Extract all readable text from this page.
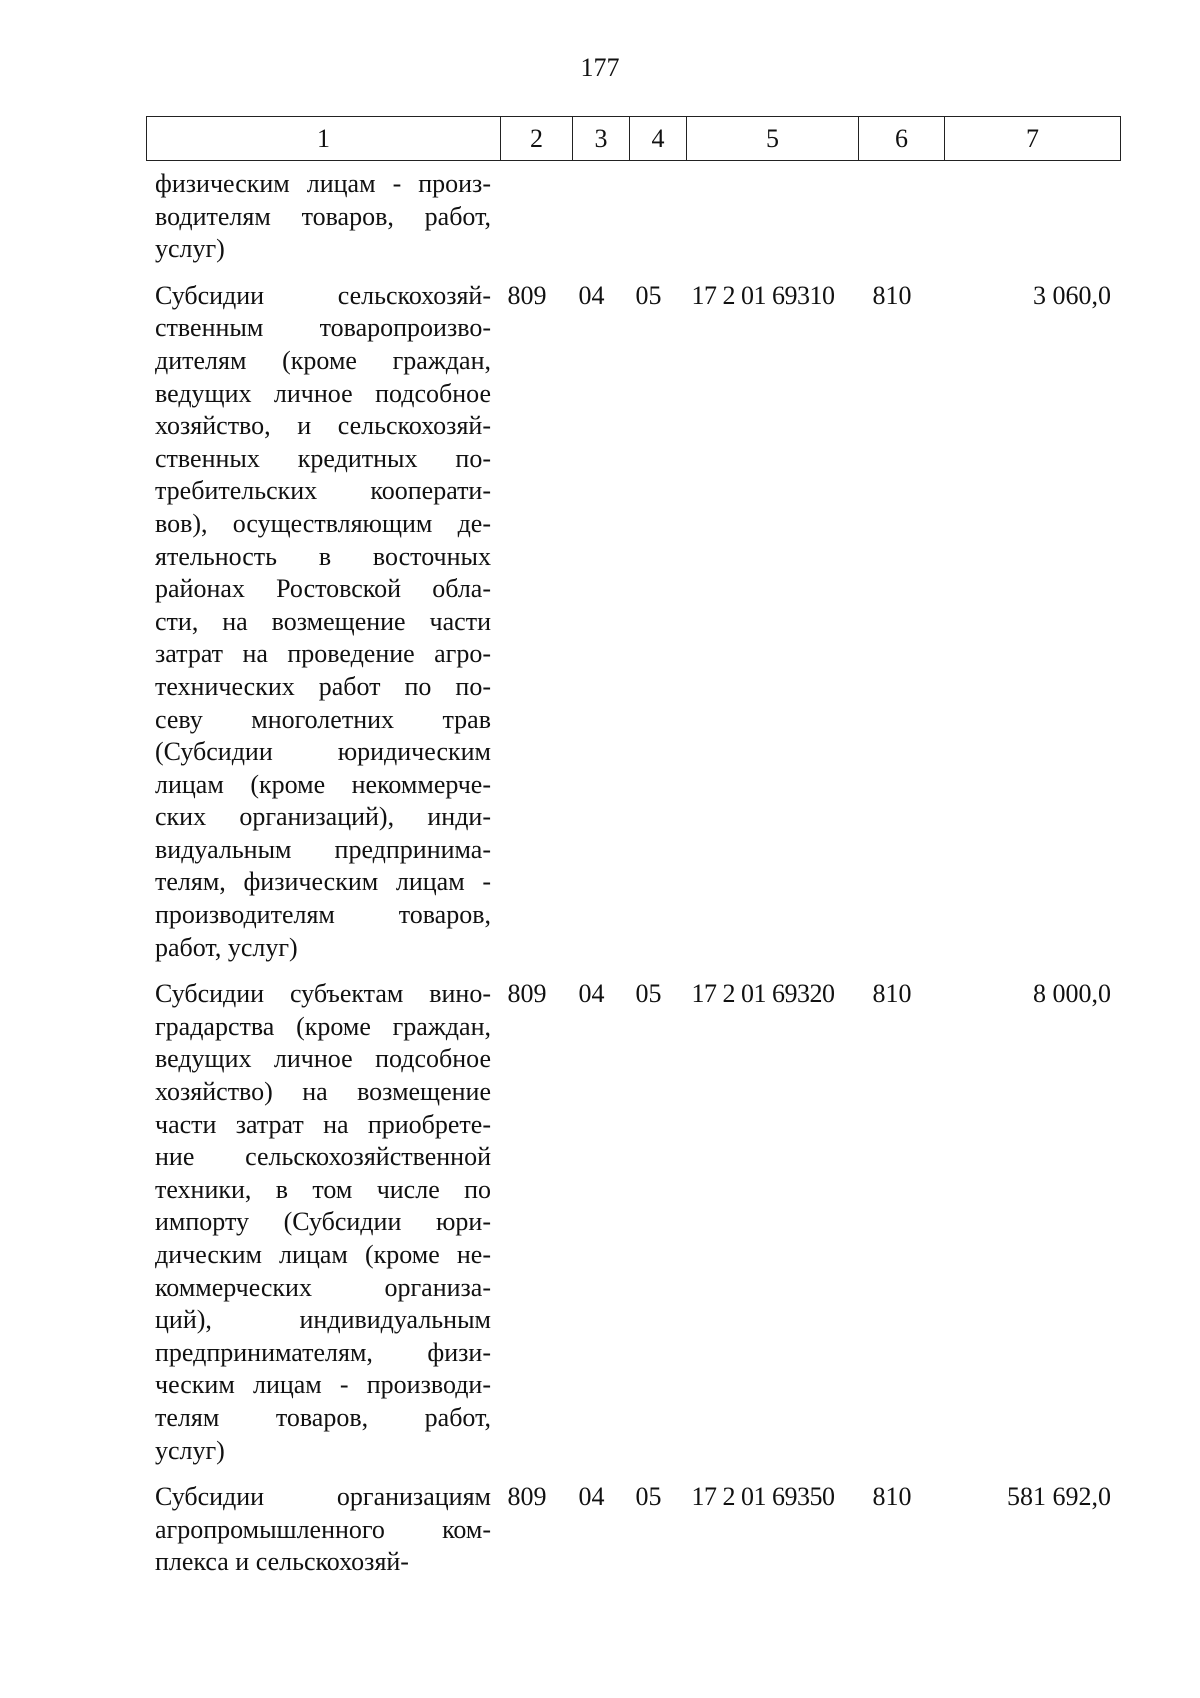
177
1	2	3	4	5	6	7
физическим лицам - произ-
водителям товаров, работ,
услуг)
Субсидии сельскохозяй-
ственным товаропроизво-
дителям (кроме граждан,
ведущих личное подсобное
хозяйство, и сельскохозяй-
ственных кредитных по-
требительских кооперати-
вов), осуществляющим де-
ятельность в восточных
районах Ростовской обла-
сти, на возмещение части
затрат на проведение агро-
технических работ по по-
севу многолетних трав
(Субсидии юридическим
лицам (кроме некоммерче-
ских организаций), инди-
видуальным предпринима-
телям, физическим лицам -
производителям товаров,
работ, услуг)
809	04	05	17 2 01 69310	810	3 060,0
Субсидии субъектам вино-
градарства (кроме граждан,
ведущих личное подсобное
хозяйство) на возмещение
части затрат на приобрете-
ние сельскохозяйственной
техники, в том числе по
импорту (Субсидии юри-
дическим лицам (кроме не-
коммерческих организа-
ций), индивидуальным
предпринимателям, физи-
ческим лицам - производи-
телям товаров, работ,
услуг)
809	04	05	17 2 01 69320	810	8 000,0
Субсидии организациям
агропромышленного ком-
плекса и сельскохозяй-
809	04	05	17 2 01 69350	810	581 692,0
